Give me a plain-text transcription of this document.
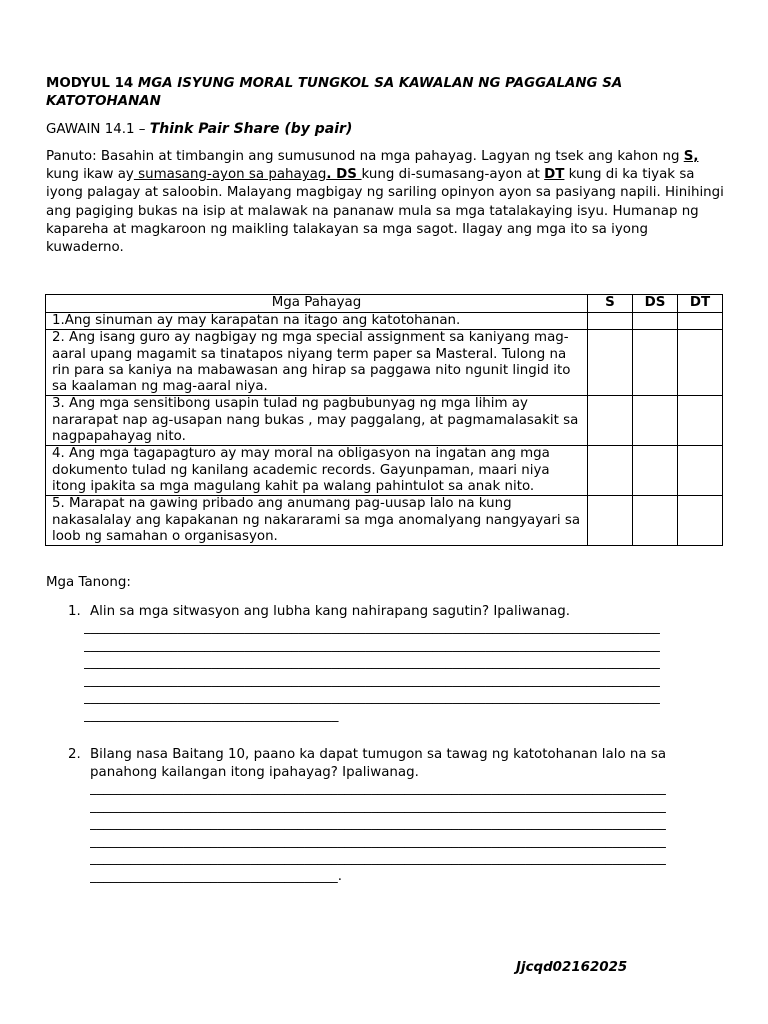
MODYUL 14 MGA ISYUNG MORAL TUNGKOL SA KAWALAN NG PAGGALANG SA KATOTOHANAN
GAWAIN 14.1 – Think Pair Share (by pair)
Panuto: Basahin at timbangin ang sumusunod na mga pahayag. Lagyan ng tsek ang kahon ng S, kung ikaw ay sumasang-ayon sa pahayag. DS kung di-sumasang-ayon at DT kung di ka tiyak sa iyong palagay at saloobin. Malayang magbigay ng sariling opinyon ayon sa pasiyang napili. Hinihingi ang pagiging bukas na isip at malawak na pananaw mula sa mga tatalakaying isyu. Humanap ng kapareha at magkaroon ng maikling talakayan sa mga sagot. Ilagay ang mga ito sa iyong kuwaderno.
Mga Pahayag	S	DS	DT
1.Ang sinuman ay may karapatan na itago ang katotohanan.			
2. Ang isang guro ay nagbigay ng mga special assignment sa kaniyang mag-aaral upang magamit sa tinatapos niyang term paper sa Masteral. Tulong na rin para sa kaniya na mabawasan ang hirap sa paggawa nito ngunit lingid ito sa kaalaman ng mag-aaral niya.			
3. Ang mga sensitibong usapin tulad ng pagbubunyag ng mga lihim ay nararapat nap ag-usapan nang bukas , may paggalang, at pagmamalasakit sa nagpapahayag nito.			
4. Ang mga tagapagturo ay may moral na obligasyon na ingatan ang mga dokumento tulad ng kanilang academic records. Gayunpaman, maari niya itong ipakita sa mga magulang kahit pa walang pahintulot sa anak nito.			
5. Marapat na gawing pribado ang anumang pag-uusap lalo na kung nakasalalay ang kapakanan ng nakararami sa mga anomalyang nangyayari sa loob ng samahan o organisasyon.			
Mga Tanong:
1. Alin sa mga sitwasyon ang lubha kang nahirapang sagutin? Ipaliwanag.
______________________________________________________________________________________
______________________________________________________________________________________
______________________________________________________________________________________
______________________________________________________________________________________
______________________________________________________________________________________
______________________________________
2. Bilang nasa Baitang 10, paano ka dapat tumugon sa tawag ng katotohanan lalo na sa panahong kailangan itong ipahayag? Ipaliwanag.
______________________________________________________________________________________
______________________________________________________________________________________
______________________________________________________________________________________
______________________________________________________________________________________
______________________________________________________________________________________
_____________________________________.
Jjcqd02162025
